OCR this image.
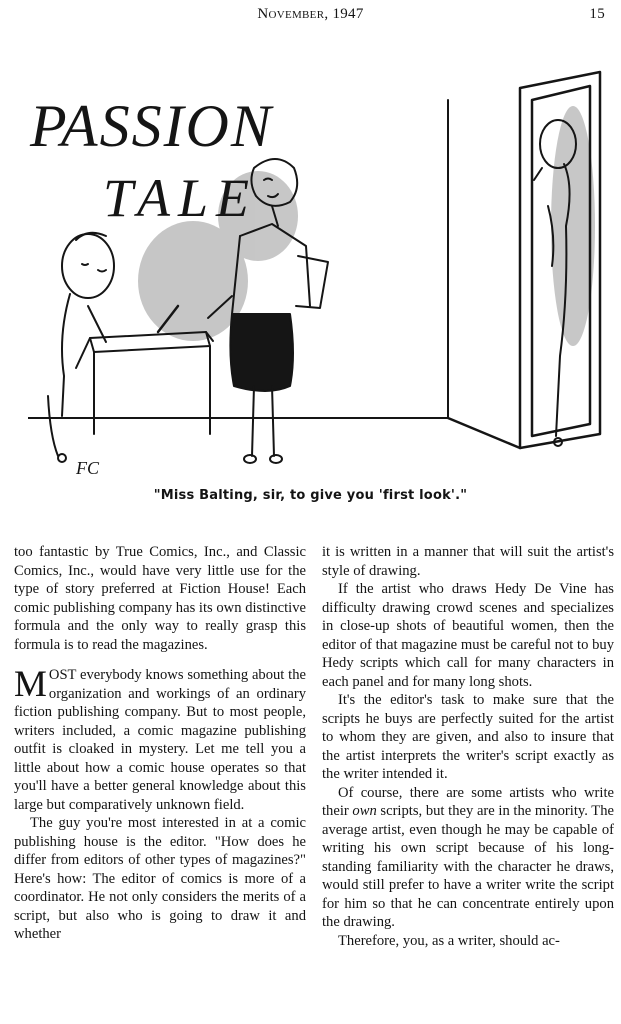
November, 1947	15
PASSION
TALE
FC
"Miss Balting, sir, to give you 'first look'."

too fantastic by True Comics, Inc., and Classic Comics, Inc., would have very little use for the type of story preferred at Fiction House! Each comic publishing company has its own distinctive formula and the only way to really grasp this formula is to read the magazines.

MOST everybody knows something about the organization and workings of an ordinary fiction publishing company. But to most people, writers included, a comic magazine publishing outfit is cloaked in mystery. Let me tell you a little about how a comic house operates so that you'll have a better general knowledge about this large but comparatively unknown field.

The guy you're most interested in at a comic publishing house is the editor. "How does he differ from editors of other types of magazines?" Here's how: The editor of comics is more of a coordinator. He not only considers the merits of a script, but also who is going to draw it and whether

it is written in a manner that will suit the artist's style of drawing.

If the artist who draws Hedy De Vine has difficulty drawing crowd scenes and specializes in close-up shots of beautiful women, then the editor of that magazine must be careful not to buy Hedy scripts which call for many characters in each panel and for many long shots.

It's the editor's task to make sure that the scripts he buys are perfectly suited for the artist to whom they are given, and also to insure that the artist interprets the writer's script exactly as the writer intended it.

Of course, there are some artists who write their own scripts, but they are in the minority. The average artist, even though he may be capable of writing his own script because of his long-standing familiarity with the character he draws, would still prefer to have a writer write the script for him so that he can concentrate entirely upon the drawing.

Therefore, you, as a writer, should ac-
